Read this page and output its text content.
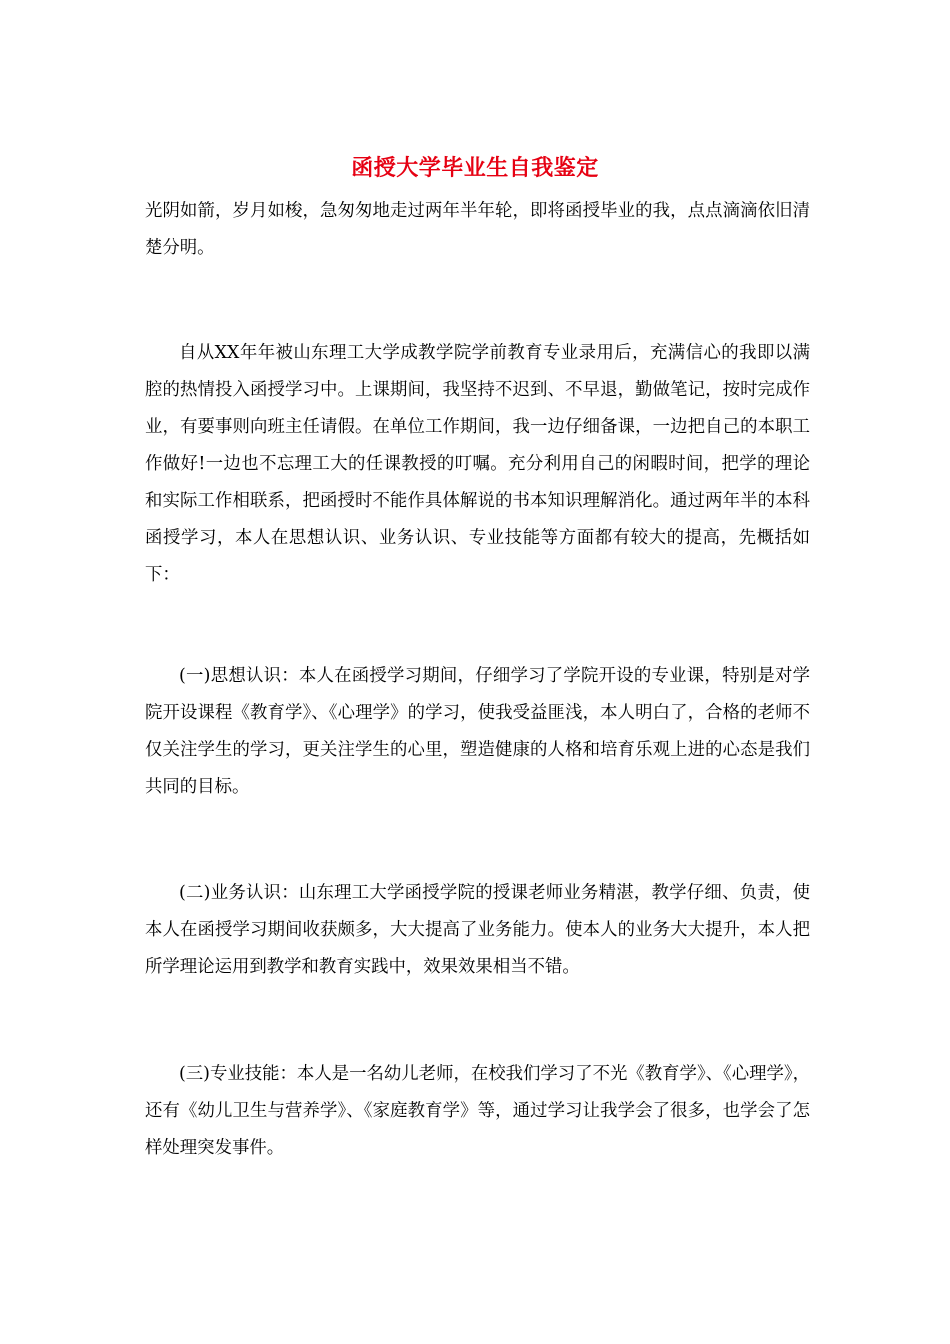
函授大学毕业生自我鉴定

光阴如箭，岁月如梭，急匆匆地走过两年半年轮，即将函授毕业的我，点点滴滴依旧清楚分明。

自从XX年年被山东理工大学成教学院学前教育专业录用后，充满信心的我即以满腔的热情投入函授学习中。上课期间，我坚持不迟到、不早退，勤做笔记，按时完成作业，有要事则向班主任请假。在单位工作期间，我一边仔细备课，一边把自己的本职工作做好!一边也不忘理工大的任课教授的叮嘱。充分利用自己的闲暇时间，把学的理论和实际工作相联系，把函授时不能作具体解说的书本知识理解消化。通过两年半的本科函授学习，本人在思想认识、业务认识、专业技能等方面都有较大的提高，先概括如下：

(一)思想认识：本人在函授学习期间，仔细学习了学院开设的专业课，特别是对学院开设课程《教育学》、《心理学》的学习，使我受益匪浅，本人明白了，合格的老师不仅关注学生的学习，更关注学生的心里，塑造健康的人格和培育乐观上进的心态是我们共同的目标。

(二)业务认识：山东理工大学函授学院的授课老师业务精湛，教学仔细、负责，使本人在函授学习期间收获颇多，大大提高了业务能力。使本人的业务大大提升，本人把所学理论运用到教学和教育实践中，效果效果相当不错。

(三)专业技能：本人是一名幼儿老师，在校我们学习了不光《教育学》、《心理学》，还有《幼儿卫生与营养学》、《家庭教育学》等，通过学习让我学会了很多，也学会了怎样处理突发事件。
